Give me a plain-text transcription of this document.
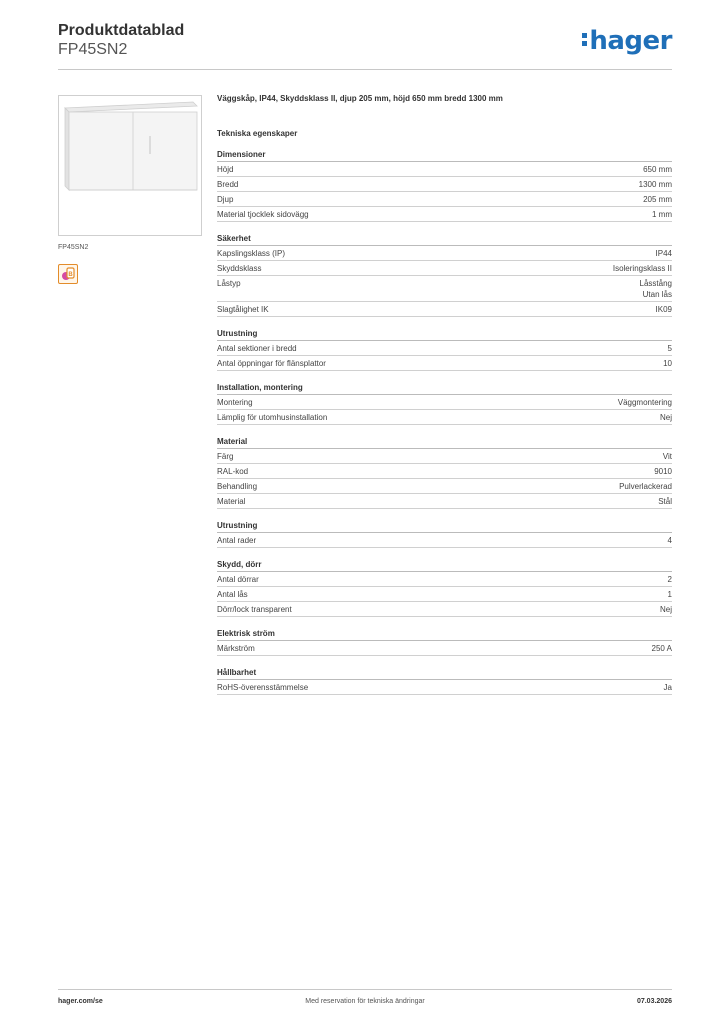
Produktdatablad
FP45SN2	hager
FP45SN2
B
Väggskåp, IP44, Skyddsklass II, djup 205 mm, höjd 650 mm bredd 1300 mm
Tekniska egenskaper
Dimensioner
Höjd	650 mm
Bredd	1300 mm
Djup	205 mm
Material tjocklek sidovägg	1 mm
Säkerhet
Kapslingsklass (IP)	IP44
Skyddsklass	Isoleringsklass II
Låstyp	Låsstång
Utan lås
Slagtålighet IK	IK09
Utrustning
Antal sektioner i bredd	5
Antal öppningar för flänsplattor	10
Installation, montering
Montering	Väggmontering
Lämplig för utomhusinstallation	Nej
Material
Färg	Vit
RAL-kod	9010
Behandling	Pulverlackerad
Material	Stål
Utrustning
Antal rader	4
Skydd, dörr
Antal dörrar	2
Antal lås	1
Dörr/lock transparent	Nej
Elektrisk ström
Märkström	250 A
Hållbarhet
RoHS-överensstämmelse	Ja
hager.com/se	Med reservation för tekniska ändringar	07.03.2026
